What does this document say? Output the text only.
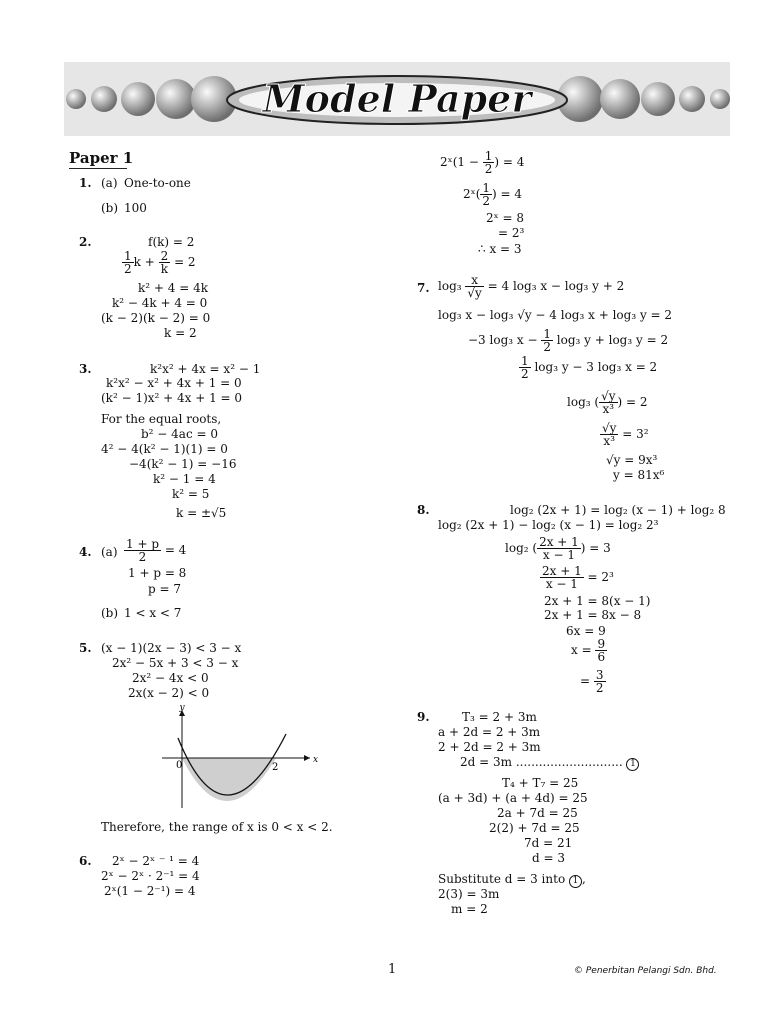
Model Paper
Paper 1
1. (a) One-to-one
(b) 100
2.	f(k) = 2
$\frac{1}{2}$ $k + \frac{2}{k} = 2$
k² + 4 = 4k
k² − 4k + 4 = 0
(k − 2)(k − 2) = 0
k = 2
3.	k²x² + 4x = x² − 1
k²x² − x² + 4x + 1 = 0
(k² − 1)x² + 4x + 1 = 0
For the equal roots,
b² − 4ac = 0
4² − 4(k² − 1)(1) = 0
−4(k² − 1) = −16
k² − 1 = 4
k² = 5
k = ±√5
4. $(a) \frac{1 + p}{2} = 4$
1 + p = 8
p = 7
(b) 1 < x < 7
5. (x − 1)(2x − 3) < 3 − x
2x² − 5x + 3 < 3 − x
2x² − 4x < 0
2x(x − 2) < 0
y
x
0	2
Therefore, the range of x is 0 < x < 2.
6. 2ˣ − 2ˣ ⁻ ¹ = 4
2ˣ − 2ˣ · 2⁻¹ = 4
2ˣ(1 − 2⁻¹) = 4
2ˣ(1 − $\frac{1}{2}$ ) = 4
2ˣ( $\frac{1}{2}$ ) = 4
2ˣ = 8
= 2³
∴ x = 3
7. $\log_3 \frac{x}{√y} = 4$ log₃ x − log₃ y + 2
log₃ x − log₃ √y − 4 log₃ x + log₃ y = 2
−3 log₃ $x - \frac{1}{2} \log_3$ y + log₃ y = 2
$\frac{1}{2} \log_3$ y − 3 log₃ x = 2
log₃ ( $\frac{√y}{\text{x³}}$ ) = 2
$\frac{√y}{\text{x³}} = 3^2$
√y = 9x³
y = 81x⁶
8.	log₂ (2x + 1) = log₂ (x − 1) + log₂ 8
log₂ (2x + 1) − log₂ (x − 1) = log₂ 2³
log₂ ( $\frac{2x + 1}{x - 1}$ ) = 3
$\frac{2x + 1}{x - 1} = 2^3$
2x + 1 = 8(x − 1)
2x + 1 = 8x − 8
6x = 9
$x = \frac{9}{6}$
= $\frac{3}{2}$
9.	T₃ = 2 + 3m
a + 2d = 2 + 3m
2 + 2d = 2 + 3m
2d = 3m ............................ 1
T₄ + T₇ = 25
(a + 3d) + (a + 4d) = 25
2a + 7d = 25
2(2) + 7d = 25
7d = 21
d = 3
Substitute d = 3 into 1 ,
2(3) = 3m
m = 2
1	© Penerbitan Pelangi Sdn. Bhd.
